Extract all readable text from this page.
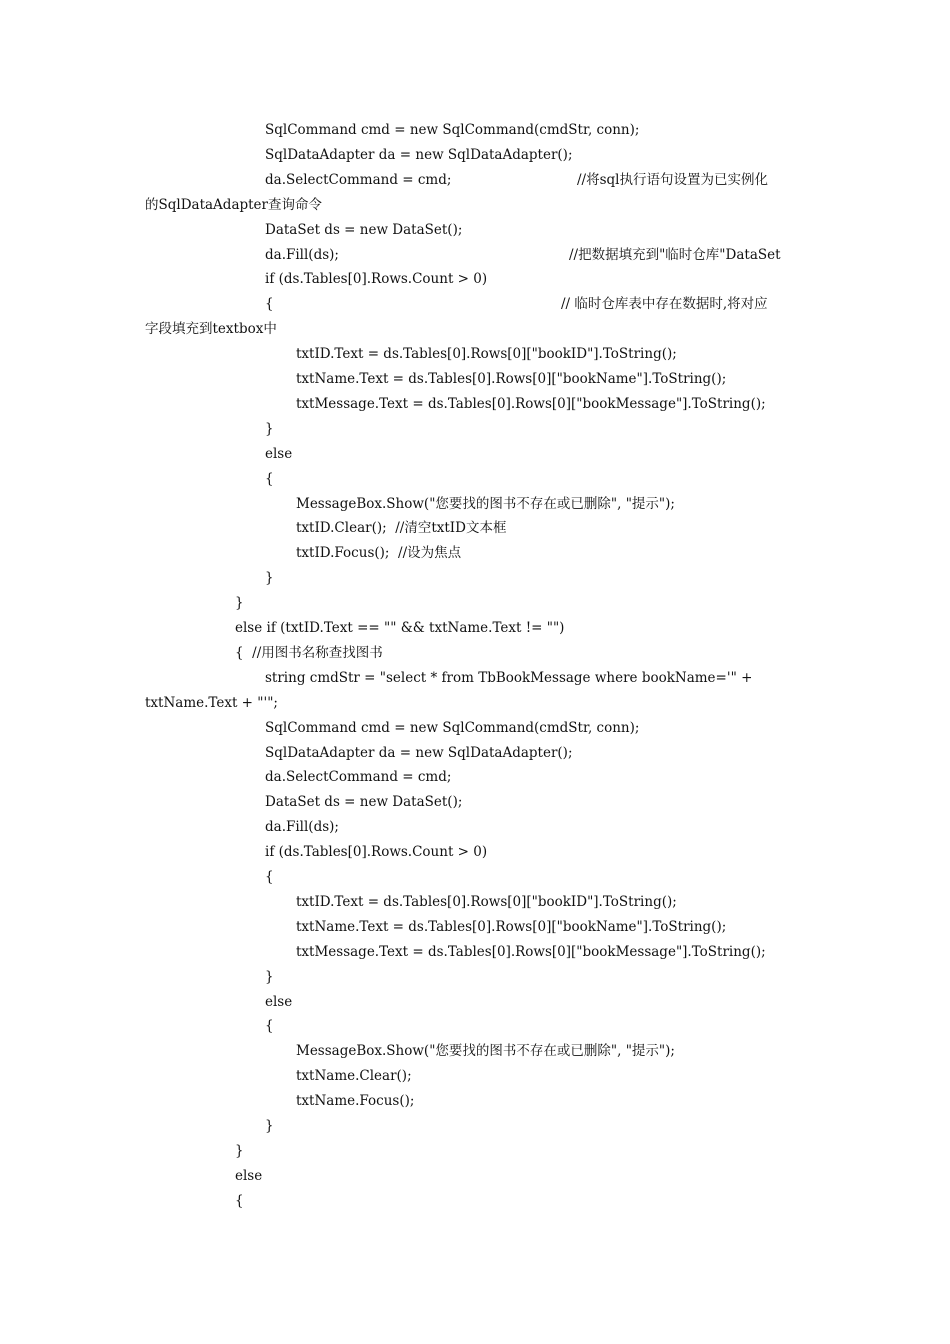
SqlCommand cmd = new SqlCommand(cmdStr, conn);
SqlDataAdapter da = new SqlDataAdapter();
da.SelectCommand = cmd;	//将sql执行语句设置为已实例化
的SqlDataAdapter查询命令
DataSet ds = new DataSet();
da.Fill(ds);	//把数据填充到"临时仓库"DataSet
if (ds.Tables[0].Rows.Count > 0)
{	// 临时仓库表中存在数据时,将对应
字段填充到textbox中
txtID.Text = ds.Tables[0].Rows[0]["bookID"].ToString();
txtName.Text = ds.Tables[0].Rows[0]["bookName"].ToString();
txtMessage.Text = ds.Tables[0].Rows[0]["bookMessage"].ToString();
}
else
{
MessageBox.Show("您要找的图书不存在或已删除", "提示");
txtID.Clear();  //清空txtID文本框
txtID.Focus();  //设为焦点
}
}
else if (txtID.Text == "" && txtName.Text != "")
{  //用图书名称查找图书
string cmdStr = "select * from TbBookMessage where bookName='" +
txtName.Text + "'";
SqlCommand cmd = new SqlCommand(cmdStr, conn);
SqlDataAdapter da = new SqlDataAdapter();
da.SelectCommand = cmd;
DataSet ds = new DataSet();
da.Fill(ds);
if (ds.Tables[0].Rows.Count > 0)
{
txtID.Text = ds.Tables[0].Rows[0]["bookID"].ToString();
txtName.Text = ds.Tables[0].Rows[0]["bookName"].ToString();
txtMessage.Text = ds.Tables[0].Rows[0]["bookMessage"].ToString();
}
else
{
MessageBox.Show("您要找的图书不存在或已删除", "提示");
txtName.Clear();
txtName.Focus();
}
}
else
{
